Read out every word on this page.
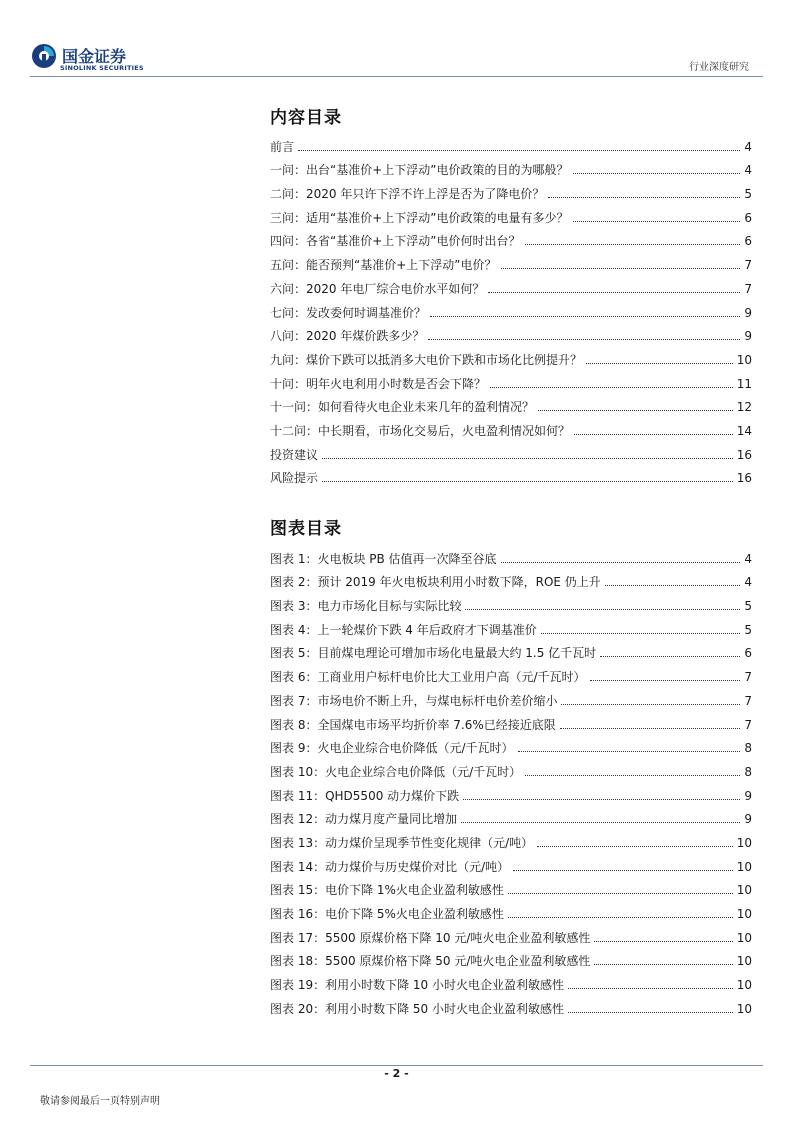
国金证券
SINOLINK SECURITIES	行业深度研究
内容目录
前言	4
一问：出台“基准价+上下浮动”电价政策的目的为哪般？	4
二问：2020 年只许下浮不许上浮是否为了降电价？	5
三问：适用“基准价+上下浮动”电价政策的电量有多少？	6
四问：各省“基准价+上下浮动”电价何时出台？	6
五问：能否预判“基准价+上下浮动”电价？	7
六问：2020 年电厂综合电价水平如何？	7
七问：发改委何时调基准价？	9
八问：2020 年煤价跌多少？	9
九问：煤价下跌可以抵消多大电价下跌和市场化比例提升？	10
十问：明年火电利用小时数是否会下降？	11
十一问：如何看待火电企业未来几年的盈利情况？	12
十二问：中长期看，市场化交易后，火电盈利情况如何？	14
投资建议	16
风险提示	16
图表目录
图表 1：火电板块 PB 估值再一次降至谷底	4
图表 2：预计 2019 年火电板块利用小时数下降，ROE 仍上升	4
图表 3：电力市场化目标与实际比较	5
图表 4：上一轮煤价下跌 4 年后政府才下调基准价	5
图表 5：目前煤电理论可增加市场化电量最大约 1.5 亿千瓦时	6
图表 6：工商业用户标杆电价比大工业用户高（元/千瓦时）	7
图表 7：市场电价不断上升，与煤电标杆电价差价缩小	7
图表 8：全国煤电市场平均折价率 7.6%已经接近底限	7
图表 9：火电企业综合电价降低（元/千瓦时）	8
图表 10：火电企业综合电价降低（元/千瓦时）	8
图表 11：QHD5500 动力煤价下跌	9
图表 12：动力煤月度产量同比增加	9
图表 13：动力煤价呈现季节性变化规律（元/吨）	10
图表 14：动力煤价与历史煤价对比（元/吨）	10
图表 15：电价下降 1%火电企业盈利敏感性	10
图表 16：电价下降 5%火电企业盈利敏感性	10
图表 17：5500 原煤价格下降 10 元/吨火电企业盈利敏感性	10
图表 18：5500 原煤价格下降 50 元/吨火电企业盈利敏感性	10
图表 19：利用小时数下降 10 小时火电企业盈利敏感性	10
图表 20：利用小时数下降 50 小时火电企业盈利敏感性	10
- 2 -
敬请参阅最后一页特别声明
